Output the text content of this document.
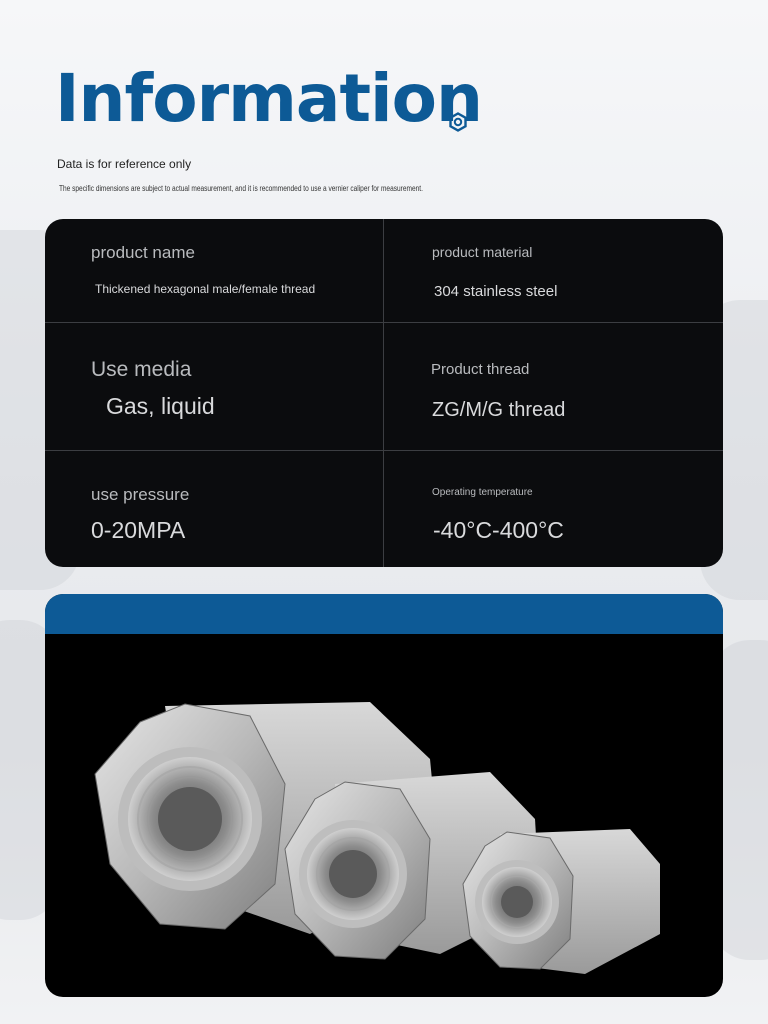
Information
Data is for reference only
The specific dimensions are subject to actual measurement, and it is recommended to use a vernier caliper for measurement.
product name
Thickened hexagonal male/female thread
product material
304 stainless steel
Use media
Gas, liquid
Product thread
ZG/M/G thread
use pressure
0-20MPA
Operating temperature
-40°C-400°C
